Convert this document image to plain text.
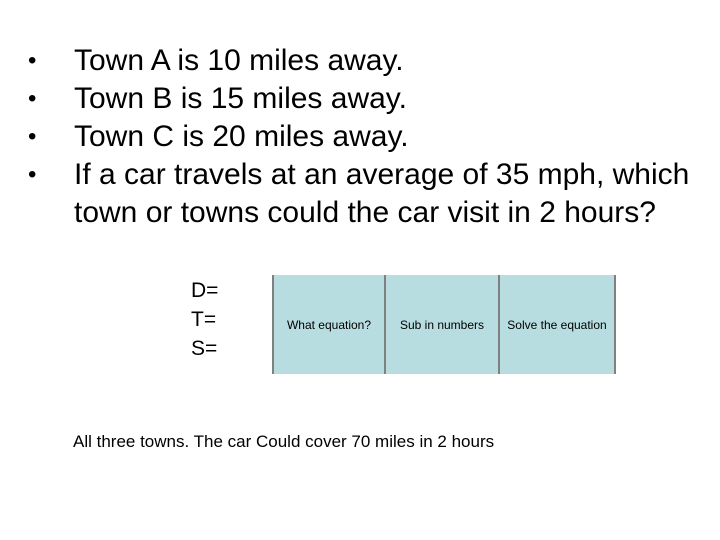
•	Town A is 10 miles away.
•	Town B is 15 miles away.
•	Town C is 20 miles away.
•	If a car travels at an average of 35 mph, which town or towns could the car visit in 2 hours?
D=
T=
S=
What equation?	Sub in numbers	Solve the equation
All three towns. The car Could cover 70 miles in 2 hours
